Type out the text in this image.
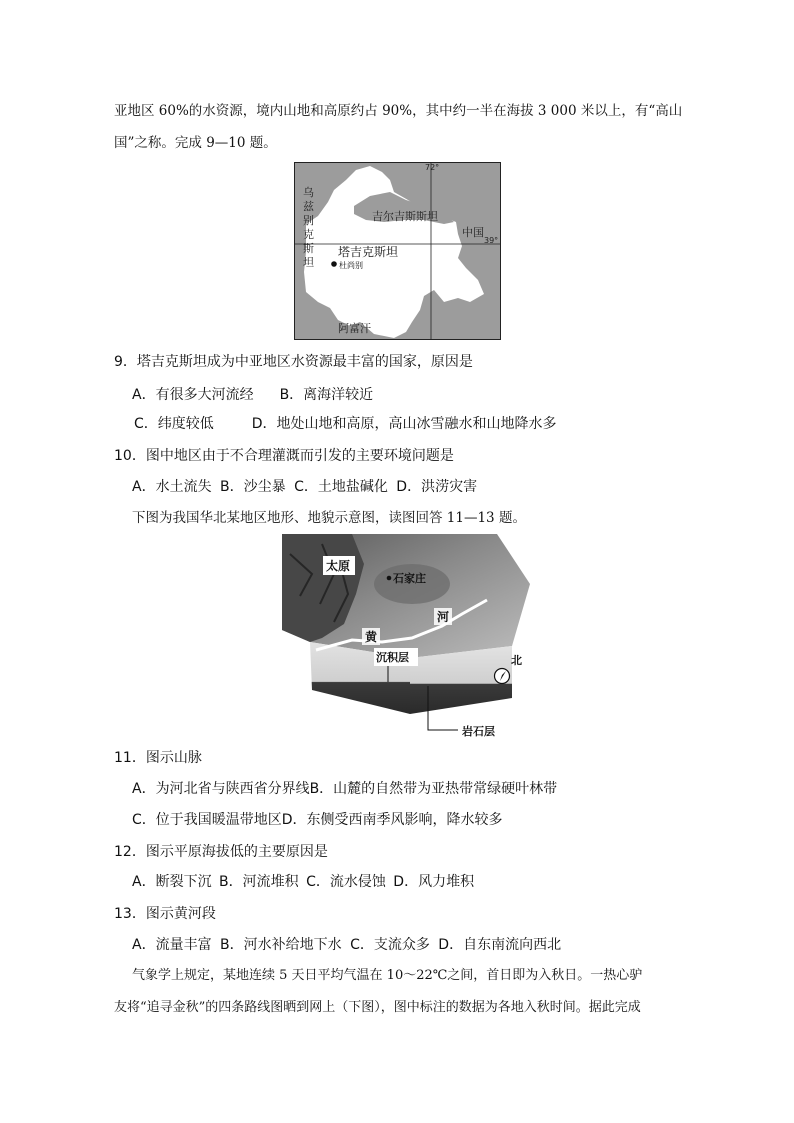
亚地区 60%的水资源，境内山地和高原约占 90%，其中约一半在海拔 3 000 米以上，有“高山
国”之称。完成 9—10 题。
72°
39°
乌兹别克斯坦
吉尔吉斯斯坦
中国
塔吉克斯坦
杜尚别
阿富汗
9．塔吉克斯坦成为中亚地区水资源最丰富的国家，原因是
A．有很多大河流经 B．离海洋较近
C．纬度较低	D．地处山地和高原，高山冰雪融水和山地降水多
10．图中地区由于不合理灌溉而引发的主要环境问题是
A．水土流失 B．沙尘暴 C．土地盐碱化 D．洪涝灾害
下图为我国华北某地区地形、地貌示意图，读图回答 11—13 题。
太原
石家庄
河
黄
沉积层	北
岩石层
11．图示山脉
A．为河北省与陕西省分界线B．山麓的自然带为亚热带常绿硬叶林带
C．位于我国暖温带地区D．东侧受西南季风影响，降水较多
12．图示平原海拔低的主要原因是
A．断裂下沉 B．河流堆积 C．流水侵蚀 D．风力堆积
13．图示黄河段
A．流量丰富 B．河水补给地下水 C．支流众多 D．自东南流向西北
气象学上规定，某地连续 5 天日平均气温在 10～22℃之间，首日即为入秋日。一热心驴
友将“追寻金秋”的四条路线图晒到网上（下图），图中标注的数据为各地入秋时间。据此完成
